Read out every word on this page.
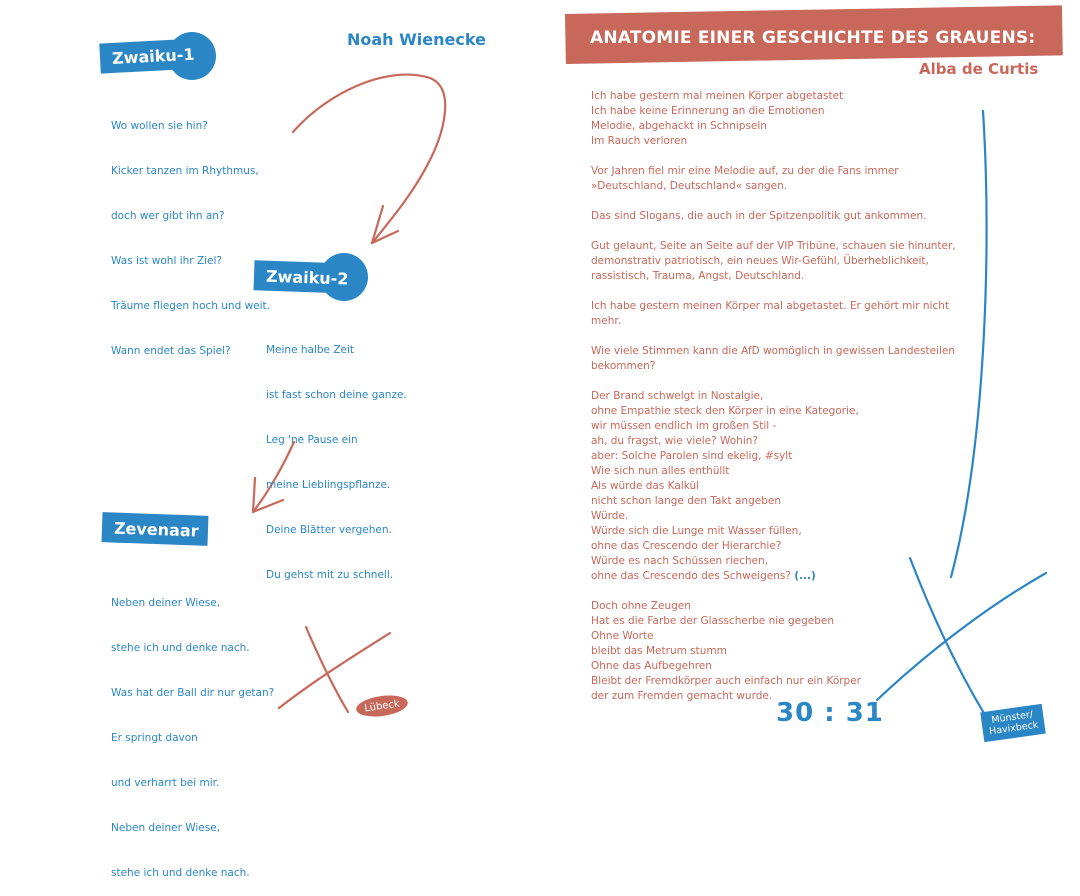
Noah Wienecke
Zwaiku-1

Wo wollen sie hin?

Kicker tanzen im Rhythmus,

doch wer gibt ihn an?

Was ist wohl ihr Ziel?

Träume fliegen hoch und weit.

Wann endet das Spiel?

Zwaiku-2

Meine halbe Zeit

ist fast schon deine ganze.

Leg 'ne Pause ein

meine Lieblingspflanze.

Deine Blätter vergehen.

Du gehst mit zu schnell.

Zevenaar

Neben deiner Wiese,

stehe ich und denke nach.

Was hat der Ball dir nur getan?

Er springt davon

und verharrt bei mir.

Neben deiner Wiese,

stehe ich und denke nach.

Lübeck
ANATOMIE EINER GESCHICHTE DES GRAUENS:
Alba de Curtis
Ich habe gestern mal meinen Körper abgetastet
Ich habe keine Erinnerung an die Emotionen
Melodie, abgehackt in Schnipseln
Im Rauch verloren
Vor Jahren fiel mir eine Melodie auf, zu der die Fans immer
»Deutschland, Deutschland« sangen.
Das sind Slogans, die auch in der Spitzenpolitik gut ankommen.
Gut gelaunt, Seite an Seite auf der VIP Tribüne, schauen sie hinunter,
demonstrativ patriotisch, ein neues Wir-Gefühl, Überheblichkeit,
rassistisch, Trauma, Angst, Deutschland.
Ich habe gestern meinen Körper mal abgetastet. Er gehört mir nicht
mehr.
Wie viele Stimmen kann die AfD womöglich in gewissen Landesteilen
bekommen?
Der Brand schwelgt in Nostalgie,
ohne Empathie steck den Körper in eine Kategorie,
wir müssen endlich im großen Stil -
ah, du fragst, wie viele? Wohin?
aber: Solche Parolen sind ekelig, #sylt
Wie sich nun alles enthüllt
Als würde das Kalkül
nicht schon lange den Takt angeben
Würde.
Würde sich die Lunge mit Wasser füllen,
ohne das Crescendo der Hierarchie?
Würde es nach Schüssen riechen,
ohne das Crescendo des Schweigens? (...)
Doch ohne Zeugen
Hat es die Farbe der Glasscherbe nie gegeben
Ohne Worte
bleibt das Metrum stumm
Ohne das Aufbegehren
Bleibt der Fremdkörper auch einfach nur ein Körper
der zum Fremden gemacht wurde.
30 : 31	Münster/
Havixbeck
